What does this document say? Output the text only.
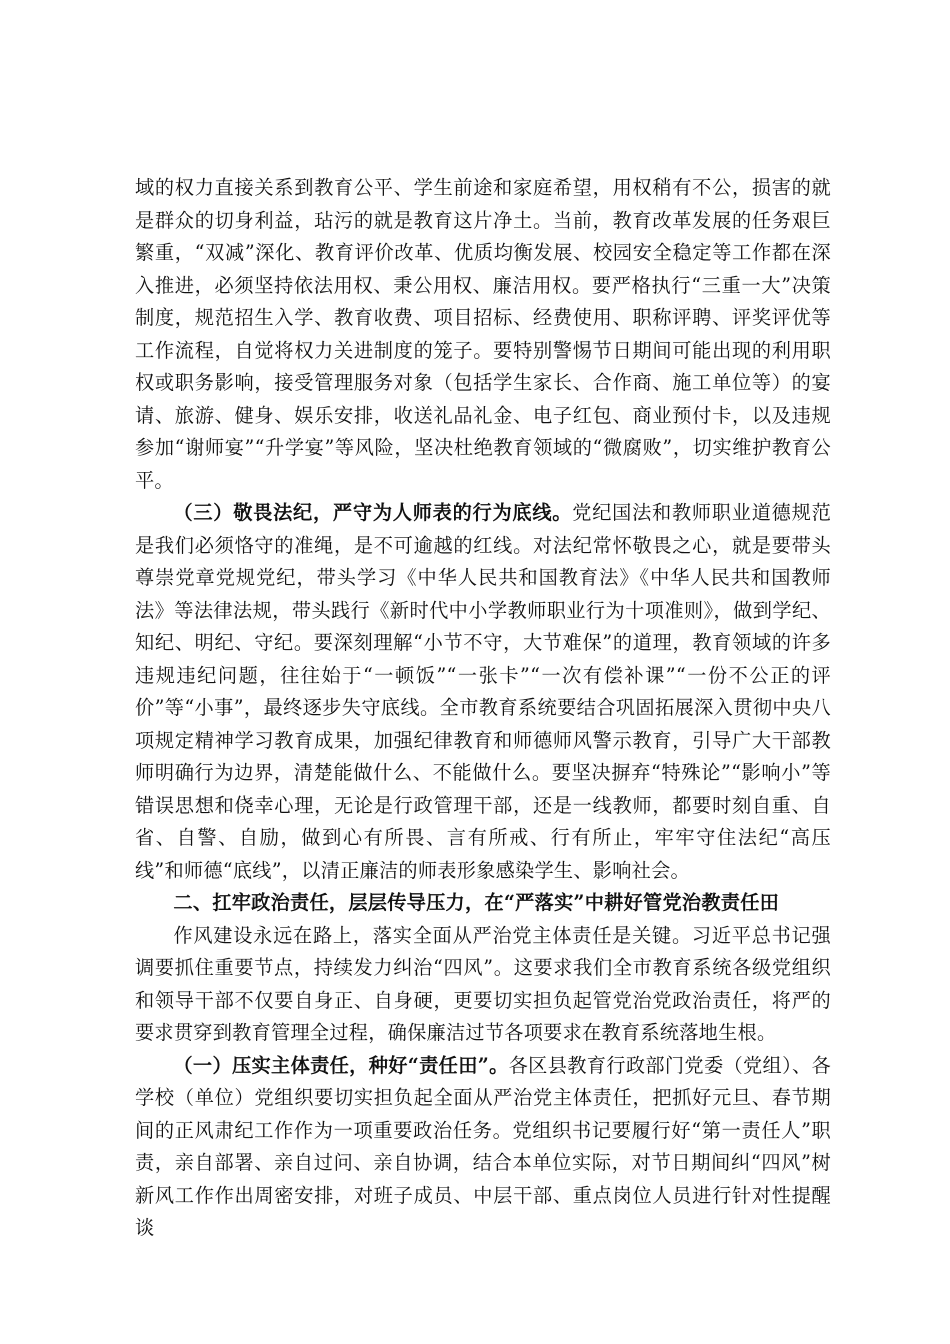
域的权力直接关系到教育公平、学生前途和家庭希望，用权稍有不公，损害的就是群众的切身利益，玷污的就是教育这片净土。当前，教育改革发展的任务艰巨繁重，“双减”深化、教育评价改革、优质均衡发展、校园安全稳定等工作都在深入推进，必须坚持依法用权、秉公用权、廉洁用权。要严格执行“三重一大”决策制度，规范招生入学、教育收费、项目招标、经费使用、职称评聘、评奖评优等工作流程，自觉将权力关进制度的笼子。要特别警惕节日期间可能出现的利用职权或职务影响，接受管理服务对象（包括学生家长、合作商、施工单位等）的宴请、旅游、健身、娱乐安排，收送礼品礼金、电子红包、商业预付卡，以及违规参加“谢师宴”“升学宴”等风险，坚决杜绝教育领域的“微腐败”，切实维护教育公平。

（三）敬畏法纪，严守为人师表的行为底线。党纪国法和教师职业道德规范是我们必须恪守的准绳，是不可逾越的红线。对法纪常怀敬畏之心，就是要带头尊崇党章党规党纪，带头学习《中华人民共和国教育法》《中华人民共和国教师法》等法律法规，带头践行《新时代中小学教师职业行为十项准则》，做到学纪、知纪、明纪、守纪。要深刻理解“小节不守，大节难保”的道理，教育领域的许多违规违纪问题，往往始于“一顿饭”“一张卡”“一次有偿补课”“一份不公正的评价”等“小事”，最终逐步失守底线。全市教育系统要结合巩固拓展深入贯彻中央八项规定精神学习教育成果，加强纪律教育和师德师风警示教育，引导广大干部教师明确行为边界，清楚能做什么、不能做什么。要坚决摒弃“特殊论”“影响小”等错误思想和侥幸心理，无论是行政管理干部，还是一线教师，都要时刻自重、自省、自警、自励，做到心有所畏、言有所戒、行有所止，牢牢守住法纪“高压线”和师德“底线”，以清正廉洁的师表形象感染学生、影响社会。

二、扛牢政治责任，层层传导压力，在“严落实”中耕好管党治教责任田

作风建设永远在路上，落实全面从严治党主体责任是关键。习近平总书记强调要抓住重要节点，持续发力纠治“四风”。这要求我们全市教育系统各级党组织和领导干部不仅要自身正、自身硬，更要切实担负起管党治党政治责任，将严的要求贯穿到教育管理全过程，确保廉洁过节各项要求在教育系统落地生根。

（一）压实主体责任，种好“责任田”。各区县教育行政部门党委（党组）、各学校（单位）党组织要切实担负起全面从严治党主体责任，把抓好元旦、春节期间的正风肃纪工作作为一项重要政治任务。党组织书记要履行好“第一责任人”职责，亲自部署、亲自过问、亲自协调，结合本单位实际，对节日期间纠“四风”树新风工作作出周密安排，对班子成员、中层干部、重点岗位人员进行针对性提醒谈
